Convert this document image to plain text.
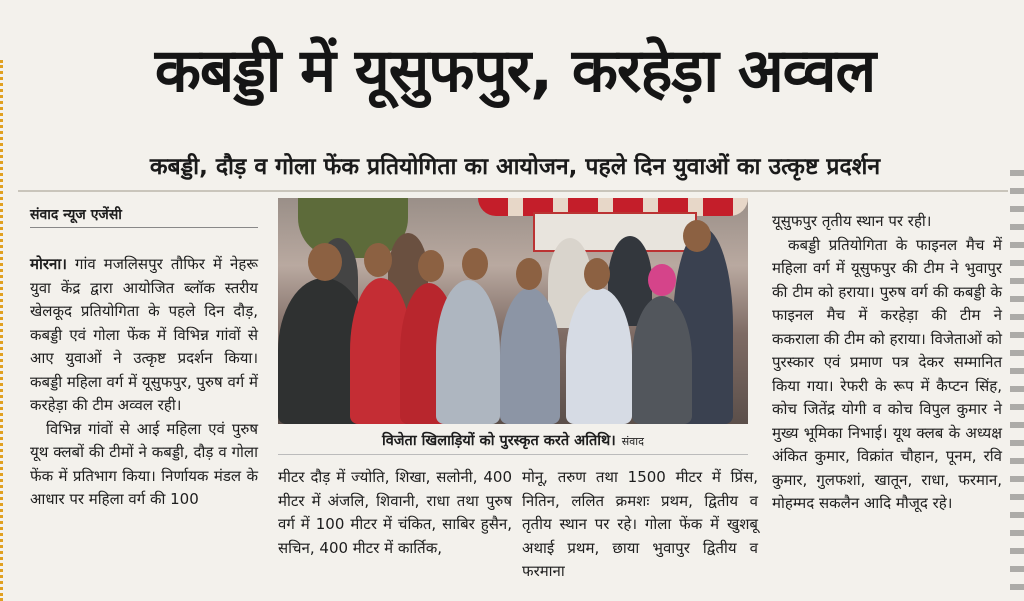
कबड्डी में यूसुफपुर, करहेड़ा अव्वल
कबड्डी, दौड़ व गोला फेंक प्रतियोगिता का आयोजन, पहले दिन युवाओं का उत्कृष्ट प्रदर्शन
संवाद न्यूज एजेंसी

मोरना। गांव मजलिसपुर तौफिर में नेहरू युवा केंद्र द्वारा आयोजित ब्लॉक स्तरीय खेलकूद प्रतियोगिता के पहले दिन दौड़, कबड्डी एवं गोला फेंक में विभिन्न गांवों से आए युवाओं ने उत्कृष्ट प्रदर्शन किया। कबड्डी महिला वर्ग में यूसुफपुर, पुरुष वर्ग में करहेड़ा की टीम अव्वल रही।

विभिन्न गांवों से आई महिला एवं पुरुष यूथ क्लबों की टीमों ने कबड्डी, दौड़ व गोला फेंक में प्रतिभाग किया। निर्णायक मंडल के आधार पर महिला वर्ग की 100

विजेता खिलाड़ियों को पुरस्कृत करते अतिथि। संवाद

मीटर दौड़ में ज्योति, शिखा, सलोनी, 400 मीटर में अंजलि, शिवानी, राधा तथा पुरुष वर्ग में 100 मीटर में चंकित, साबिर हुसैन, सचिन, 400 मीटर में कार्तिक,

मोनू, तरुण तथा 1500 मीटर में प्रिंस, नितिन, ललित क्रमशः प्रथम, द्वितीय व तृतीय स्थान पर रहे। गोला फेंक में खुशबू अथाई प्रथम, छाया भुवापुर द्वितीय व फरमाना

यूसुफपुर तृतीय स्थान पर रही।

कबड्डी प्रतियोगिता के फाइनल मैच में महिला वर्ग में यूसुफपुर की टीम ने भुवापुर की टीम को हराया। पुरुष वर्ग की कबड्डी के फाइनल मैच में करहेड़ा की टीम ने ककराला की टीम को हराया। विजेताओं को पुरस्कार एवं प्रमाण पत्र देकर सम्मानित किया गया। रेफरी के रूप में कैप्टन सिंह, कोच जितेंद्र योगी व कोच विपुल कुमार ने मुख्य भूमिका निभाई। यूथ क्लब के अध्यक्ष अंकित कुमार, विक्रांत चौहान, पूनम, रवि कुमार, गुलफशां, खातून, राधा, फरमान, मोहम्मद सकलैन आदि मौजूद रहे।
